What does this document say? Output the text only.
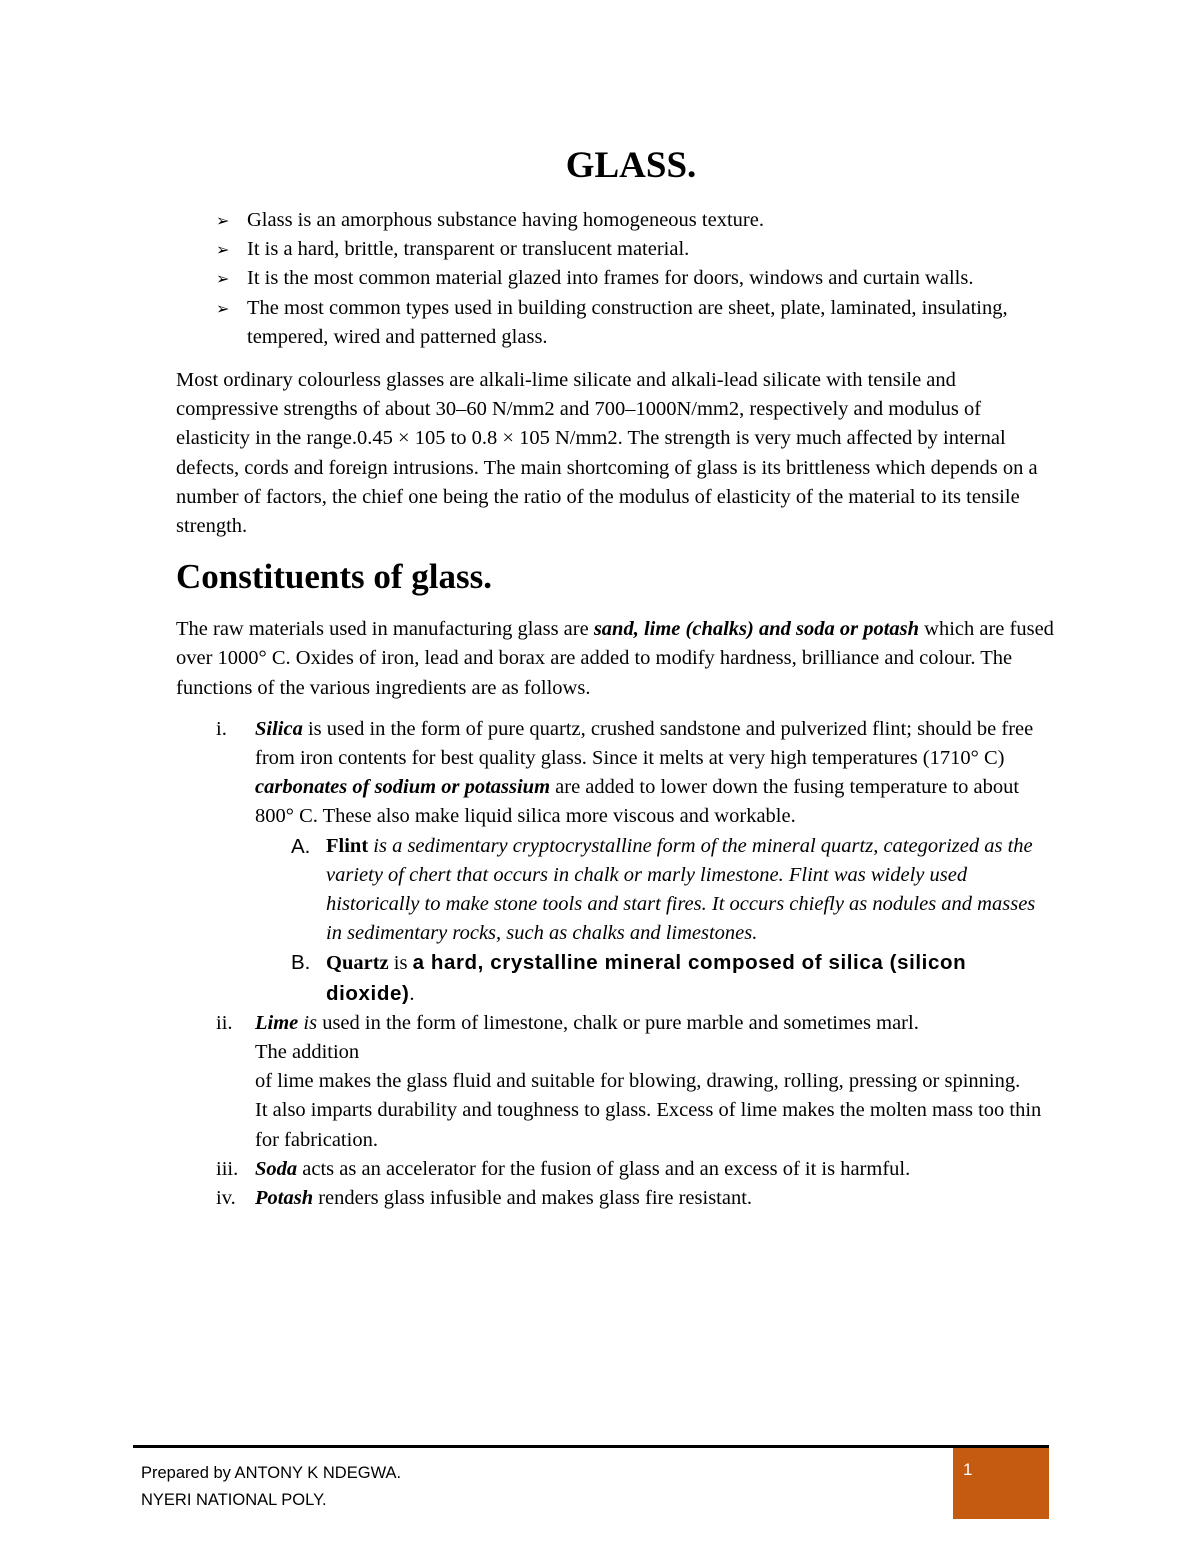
GLASS.
➢ Glass is an amorphous substance having homogeneous texture.
➢ It is a hard, brittle, transparent or translucent material.
➢ It is the most common material glazed into frames for doors, windows and curtain walls.
➢ The most common types used in building construction are sheet, plate, laminated, insulating, tempered, wired and patterned glass.

Most ordinary colourless glasses are alkali-lime silicate and alkali-lead silicate with tensile and compressive strengths of about 30–60 N/mm2 and 700–1000N/mm2, respectively and modulus of elasticity in the range.0.45 × 105 to 0.8 × 105 N/mm2. The strength is very much affected by internal defects, cords and foreign intrusions. The main shortcoming of glass is its brittleness which depends on a number of factors, the chief one being the ratio of the modulus of elasticity of the material to its tensile strength.

Constituents of glass.

The raw materials used in manufacturing glass are sand, lime (chalks) and soda or potash which are fused over 1000° C. Oxides of iron, lead and borax are added to modify hardness, brilliance and colour. The functions of the various ingredients are as follows.

i.	Silica is used in the form of pure quartz, crushed sandstone and pulverized flint; should be free from iron contents for best quality glass. Since it melts at very high temperatures (1710° C) carbonates of sodium or potassium are added to lower down the fusing temperature to about
800° C. These also make liquid silica more viscous and workable.
A. Flint is a sedimentary cryptocrystalline form of the mineral quartz, categorized as the variety of chert that occurs in chalk or marly limestone. Flint was widely used historically to make stone tools and start fires. It occurs chiefly as nodules and masses in sedimentary rocks, such as chalks and limestones.
B. Quartz is a hard, crystalline mineral composed of silica (silicon dioxide).
ii.	Lime is used in the form of limestone, chalk or pure marble and sometimes marl.
The addition
of lime makes the glass fluid and suitable for blowing, drawing, rolling, pressing or spinning.
It also imparts durability and toughness to glass. Excess of lime makes the molten mass too thin
for fabrication.
iii. Soda acts as an accelerator for the fusion of glass and an excess of it is harmful.
iv. Potash renders glass infusible and makes glass fire resistant.
Prepared by ANTONY K NDEGWA.
NYERI NATIONAL POLY.
1
